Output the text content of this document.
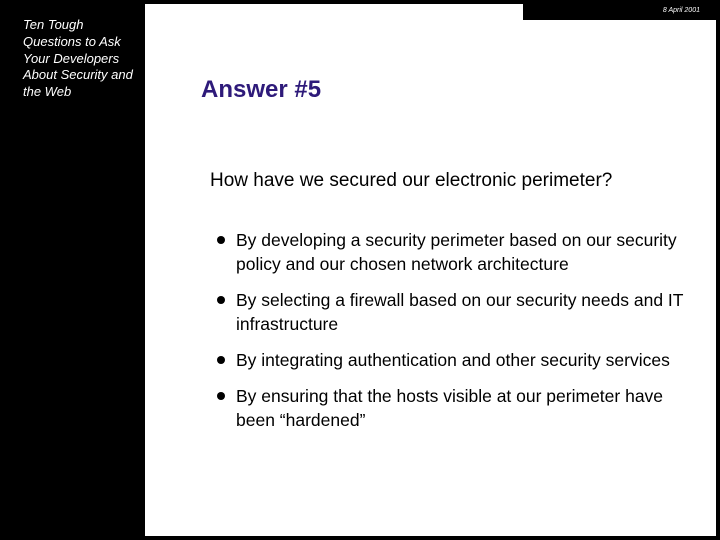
Ten Tough Questions to Ask Your Developers About Security and the Web
8 April 2001
77
Answer #5
How have we secured our electronic perimeter?
By developing a security perimeter based on our security policy and our chosen network architecture
By selecting a firewall based on our security needs and IT infrastructure
By integrating authentication and other security services
By ensuring that the hosts visible at our perimeter have been “hardened”
